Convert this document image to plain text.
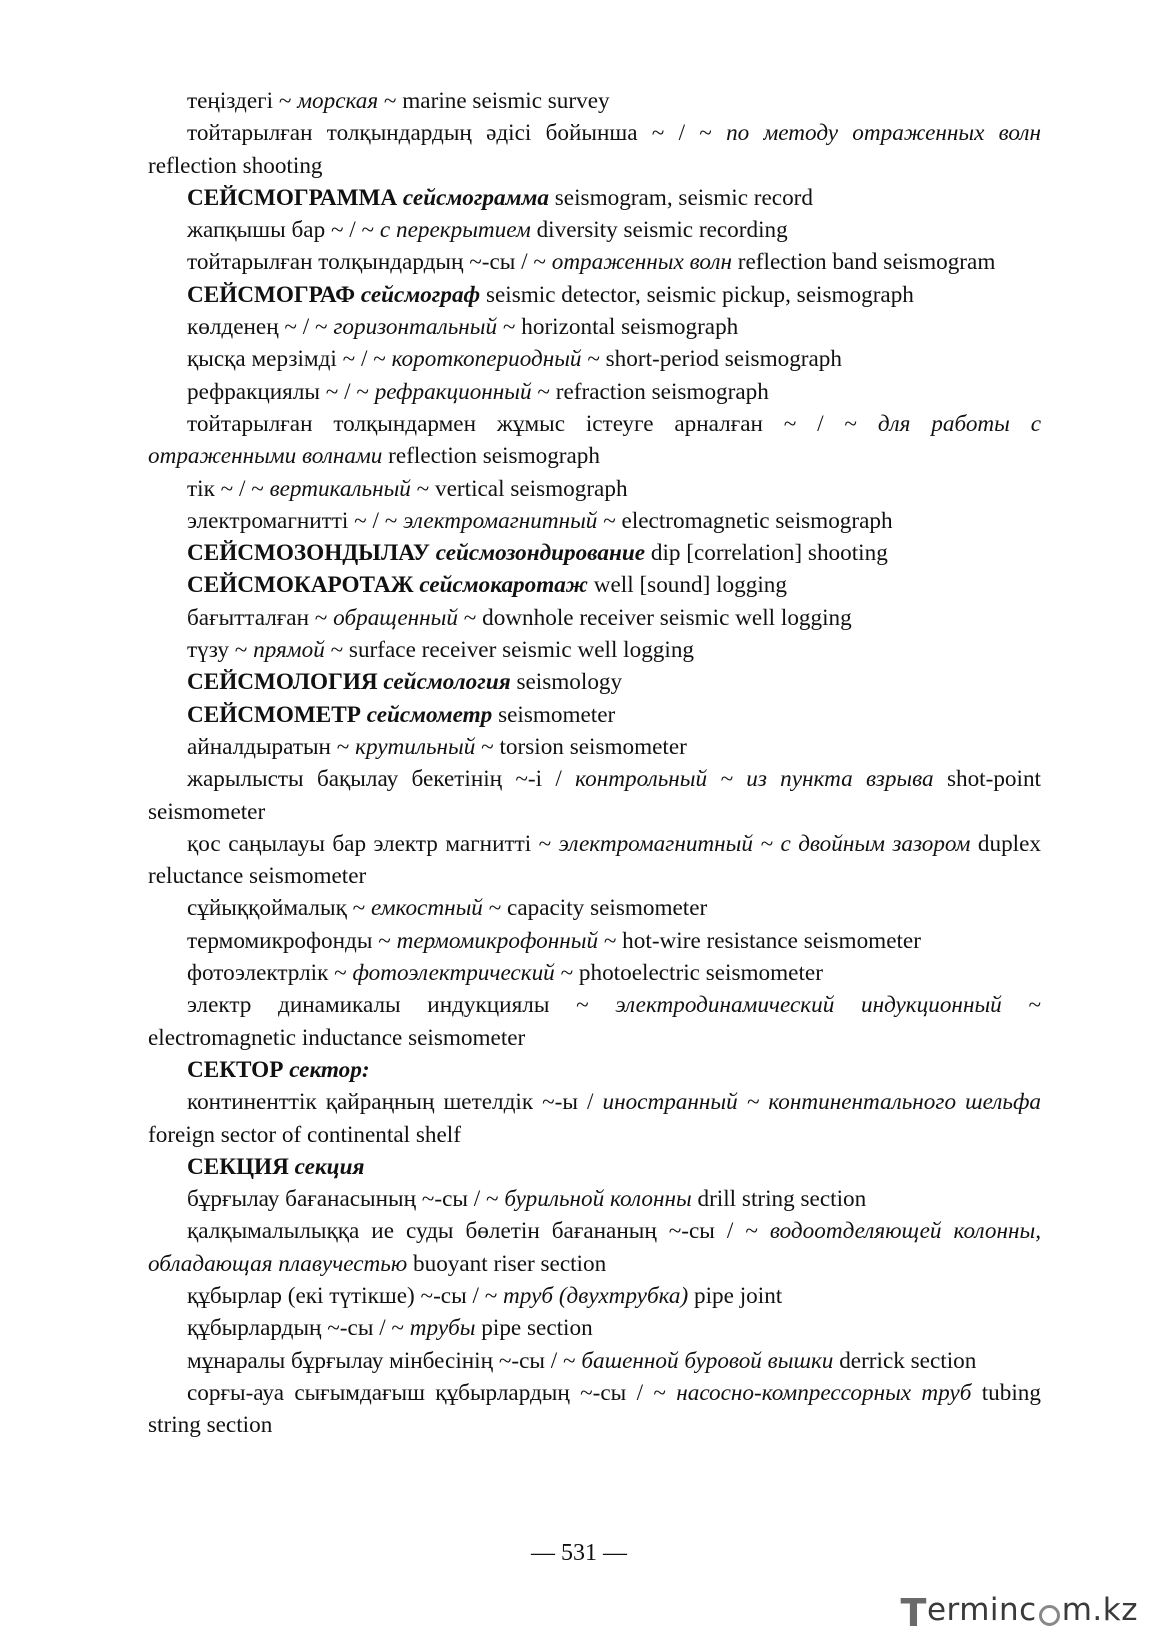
теңіздегі ~ морская ~ marine seismic survey

тойтарылған толқындардың әдісі бойынша ~ / ~ по методу отраженных волн reflection shooting

СЕЙСМОГРАММА сейсмограмма seismogram, seismic record

жапқышы бар ~ / ~ с перекрытием diversity seismic recording

тойтарылған толқындардың ~-сы / ~ отраженных волн reflection band seismogram

СЕЙСМОГРАФ сейсмограф seismic detector, seismic pickup, seismograph

көлденең ~ / ~ горизонтальный ~ horizontal seismograph

қысқа мерзімді ~ / ~ короткопериодный ~ short-period seismograph

рефракциялы ~ / ~ рефракционный ~ refraction seismograph

тойтарылған толқындармен жұмыс істеуге арналған ~ / ~ для работы с отраженными волнами reflection seismograph

тік ~ / ~ вертикальный ~ vertical seismograph

электромагнитті ~ / ~ электромагнитный ~ electromagnetic seismograph

СЕЙСМОЗОНДЫЛАУ сейсмозондирование dip [correlation] shooting

СЕЙСМОКАРОТАЖ сейсмокаротаж well [sound] logging

бағытталған ~ обращенный ~ downhole receiver seismic well logging

түзу ~ прямой ~ surface receiver seismic well logging

СЕЙСМОЛОГИЯ сейсмология seismology

СЕЙСМОМЕТР сейсмометр seismometer

айналдыратын ~ крутильный ~ torsion seismometer

жарылысты бақылау бекетінің ~-і / контрольный ~ из пункта взрыва shot-point seismometer

қос саңылауы бар электр магнитті ~ электромагнитный ~ с двойным зазором duplex reluctance seismometer

сұйыққоймалық ~ емкостный ~ capacity seismometer

термомикрофонды ~ термомикрофонный ~ hot-wire resistance seismometer

фотоэлектрлік ~ фотоэлектрический ~ photoelectric seismometer

электр динамикалы индукциялы ~ электродинамический индукционный ~ electromagnetic inductance seismometer

СЕКТОР сектор:

континенттік қайраңның шетелдік ~-ы / иностранный ~ континентального шельфа foreign sector of continental shelf

СЕКЦИЯ секция

бұрғылау бағанасының ~-сы / ~ бурильной колонны drill string section

қалқымалылыққа ие суды бөлетін бағананың ~-сы / ~ водоотделяющей колонны, обладающая плавучестью buoyant riser section

құбырлар (екі түтікше) ~-сы / ~ труб (двухтрубка) pipe joint

құбырлардың ~-сы / ~ трубы pipe section

мұнаралы бұрғылау мінбесінің ~-сы / ~ башенной буровой вышки derrick section

сорғы-ауа сығымдағыш құбырлардың ~-сы / ~ насосно-компрессорных труб tubing string section

— 531 —
T erminc m.kz
